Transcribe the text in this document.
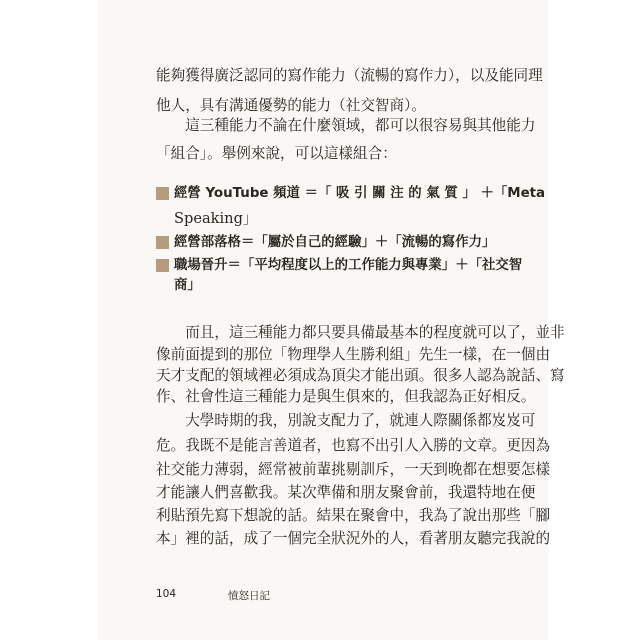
能夠獲得廣泛認同的寫作能力（流暢的寫作力），以及能同理
他人，具有溝通優勢的能力（社交智商）。
　　這三種能力不論在什麼領域，都可以很容易與其他能力
「組合」。舉例來說，可以這樣組合：
經營 YouTube 頻道 ＝「 吸 引 關 注 的 氣 質 」 ＋「Meta
Speaking」
經營部落格＝「屬於自己的經驗」＋「流暢的寫作力」
職場晉升＝「平均程度以上的工作能力與專業」＋「社交智
商」
　　而且，這三種能力都只要具備最基本的程度就可以了，並非
像前面提到的那位「物理學人生勝利組」先生一樣，在一個由
天才支配的領域裡必須成為頂尖才能出頭。很多人認為說話、寫
作、社會性這三種能力是與生俱來的，但我認為正好相反。
　　大學時期的我，別說支配力了，就連人際關係都岌岌可
危。我既不是能言善道者，也寫不出引人入勝的文章。更因為
社交能力薄弱，經常被前輩挑剔訓斥，一天到晚都在想要怎樣
才能讓人們喜歡我。某次準備和朋友聚會前，我還特地在便
利貼預先寫下想說的話。結果在聚會中，我為了說出那些「腳
本」裡的話，成了一個完全狀況外的人，看著朋友聽完我說的
104	憤怒日記
